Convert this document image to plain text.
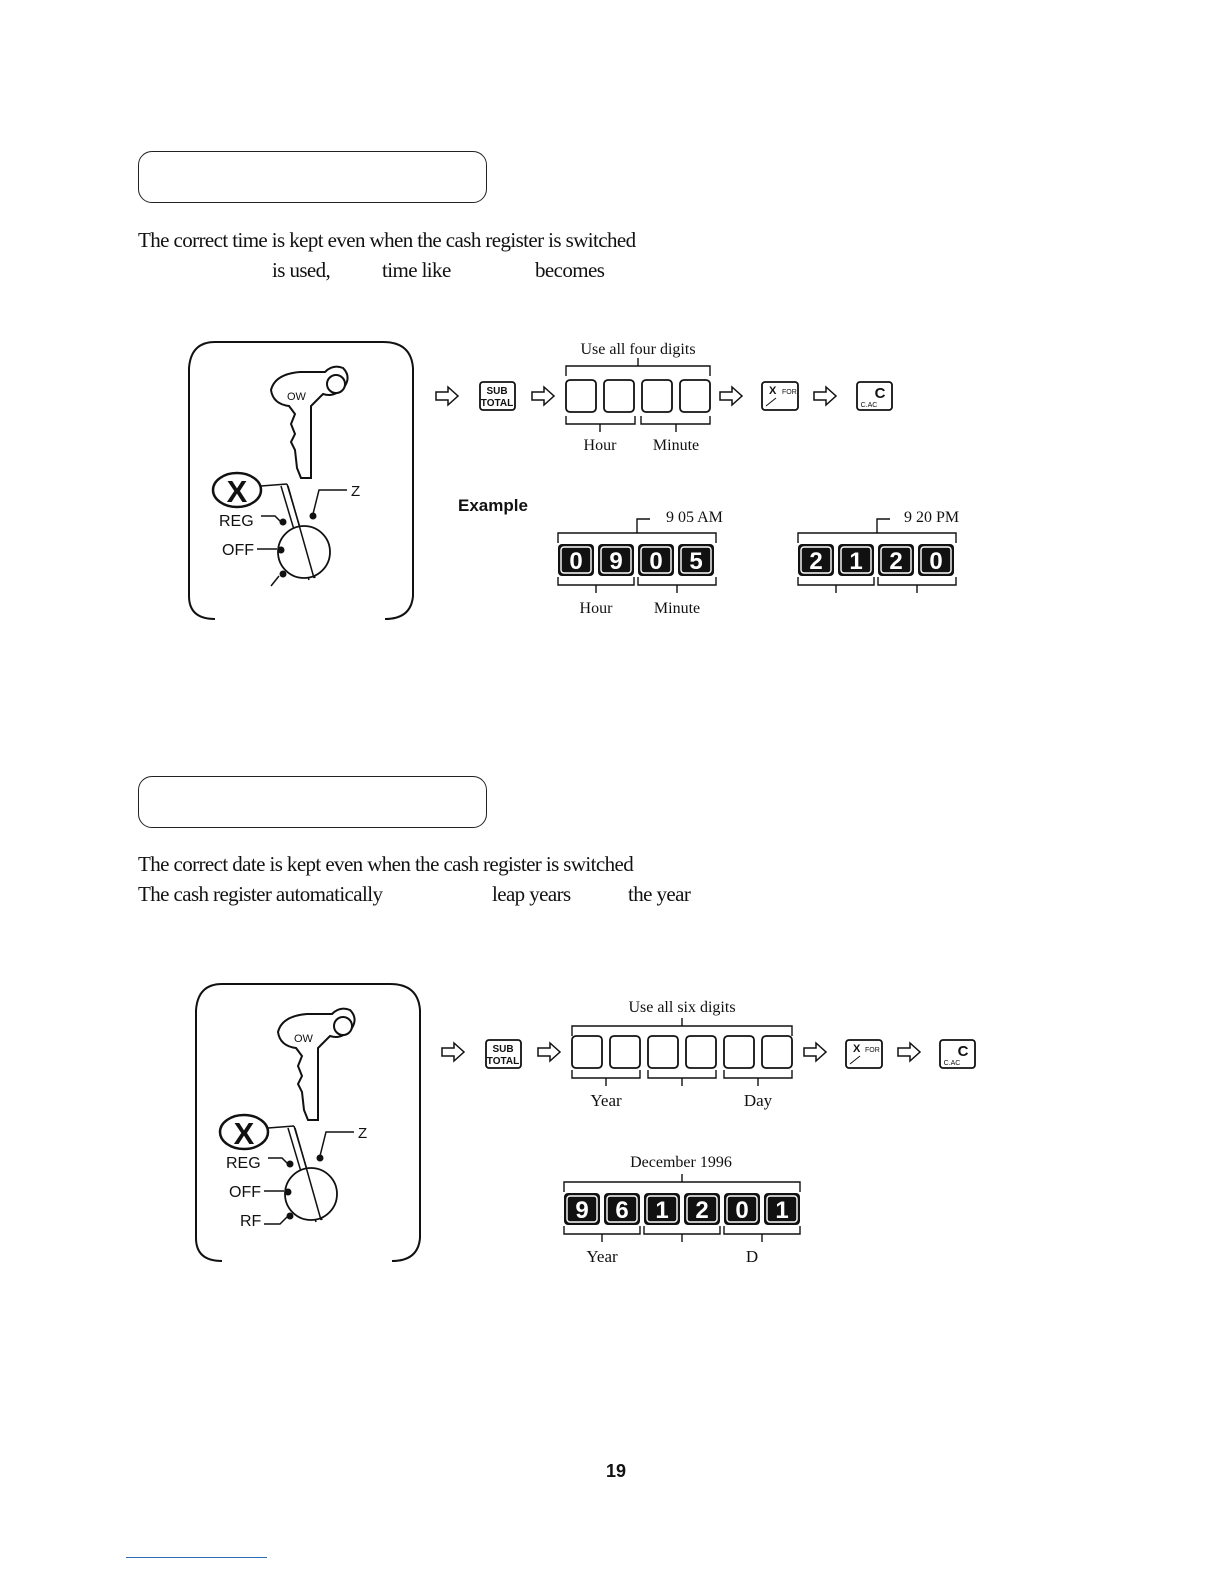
The correct time is kept even when the cash register is switched
is used, time like	becomes
OW
X	Z
REG
OFF
Use all four digits
SUB
TOTAL
Hour Minute
X FOR	C
C.AC
Example
9 05 AM
0 9 0 5
Hour	Minute
9 20 PM
2 1 2 0
The correct date is kept even when the cash register is switched
The cash register automatically	leap years	the year
OW
X	Z
REG
OFF
RF
Use all six digits
SUB
TOTAL
Year	Day
X FOR	C
C.AC
December 1996
9 6 1 2 0 1
Year	D
19
